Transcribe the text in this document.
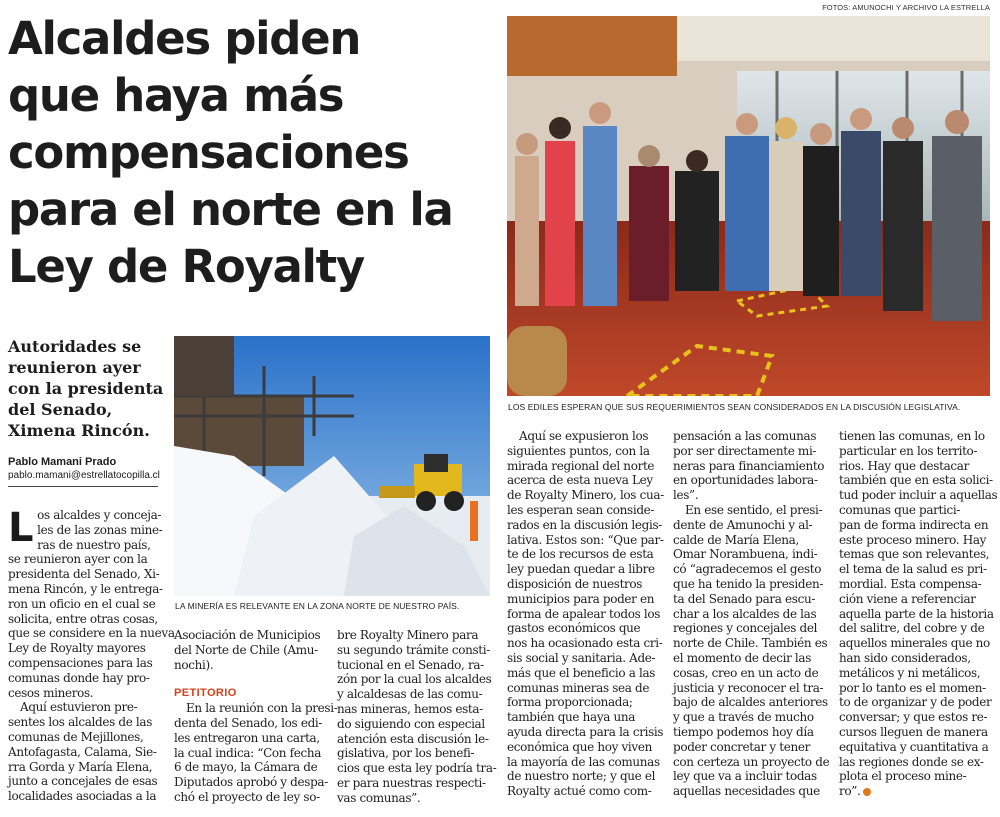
FOTOS: AMUNOCHI Y ARCHIVO LA ESTRELLA
Alcaldes piden
que haya más
compensaciones
para el norte en la
Ley de Royalty
Autoridades se
reunieron ayer
con la presidenta
del Senado,
Ximena Rincón.
Pablo Mamani Prado
pablo.mamani@estrellatocopilla.cl
LOS EDILES ESPERAN QUE SUS REQUERIMIENTOS SEAN CONSIDERADOS EN LA DISCUSIÓN LEGISLATIVA.
LA MINERÍA ES RELEVANTE EN LA ZONA NORTE DE NUESTRO PAÍS.
L os alcaldes y conceja-
les de las zonas mine-
ras de nuestro país,
se reunieron ayer con la
presidenta del Senado, Xi-
mena Rincón, y le entrega-
ron un oficio en el cual se
solicita, entre otras cosas,
que se considere en la nueva
Ley de Royalty mayores
compensaciones para las
comunas donde hay pro-
cesos mineros.
Aquí estuvieron pre-
sentes los alcaldes de las
comunas de Mejillones,
Antofagasta, Calama, Sie-
rra Gorda y María Elena,
junto a concejales de esas
localidades asociadas a la
Asociación de Municipios
del Norte de Chile (Amu-
nochi).
PETITORIO
En la reunión con la presi-
denta del Senado, los edi-
les entregaron una carta,
la cual indica: “Con fecha
6 de mayo, la Cámara de
Diputados aprobó y despa-
chó el proyecto de ley so-
bre Royalty Minero para
su segundo trámite consti-
tucional en el Senado, ra-
zón por la cual los alcaldes
y alcaldesas de las comu-
nas mineras, hemos esta-
do siguiendo con especial
atención esta discusión le-
gislativa, por los benefi-
cios que esta ley podría tra-
er para nuestras respecti-
vas comunas”.
Aquí se expusieron los
siguientes puntos, con la
mirada regional del norte
acerca de esta nueva Ley
de Royalty Minero, los cua-
les esperan sean conside-
rados en la discusión legis-
lativa. Estos son: “Que par-
te de los recursos de esta
ley puedan quedar a libre
disposición de nuestros
municipios para poder en
forma de apalear todos los
gastos económicos que
nos ha ocasionado esta cri-
sis social y sanitaria. Ade-
más que el beneficio a las
comunas mineras sea de
forma proporcionada;
también que haya una
ayuda directa para la crisis
económica que hoy viven
la mayoría de las comunas
de nuestro norte; y que el
Royalty actué como com-
pensación a las comunas
por ser directamente mi-
neras para financiamiento
en oportunidades labora-
les”.
En ese sentido, el presi-
dente de Amunochi y al-
calde de María Elena,
Omar Norambuena, indi-
có “agradecemos el gesto
que ha tenido la presiden-
ta del Senado para escu-
char a los alcaldes de las
regiones y concejales del
norte de Chile. También es
el momento de decir las
cosas, creo en un acto de
justicia y reconocer el tra-
bajo de alcaldes anteriores
y que a través de mucho
tiempo podemos hoy día
poder concretar y tener
con certeza un proyecto de
ley que va a incluir todas
aquellas necesidades que
tienen las comunas, en lo
particular en los territo-
rios. Hay que destacar
también que en esta solici-
tud poder incluir a aquellas
comunas que partici-
pan de forma indirecta en
este proceso minero. Hay
temas que son relevantes,
el tema de la salud es pri-
mordial. Esta compensa-
ción viene a referenciar
aquella parte de la historia
del salitre, del cobre y de
aquellos minerales que no
han sido considerados,
metálicos y ni metálicos,
por lo tanto es el momen-
to de organizar y de poder
conversar; y que estos re-
cursos lleguen de manera
equitativa y cuantitativa a
las regiones donde se ex-
plota el proceso mine-
ro”.
